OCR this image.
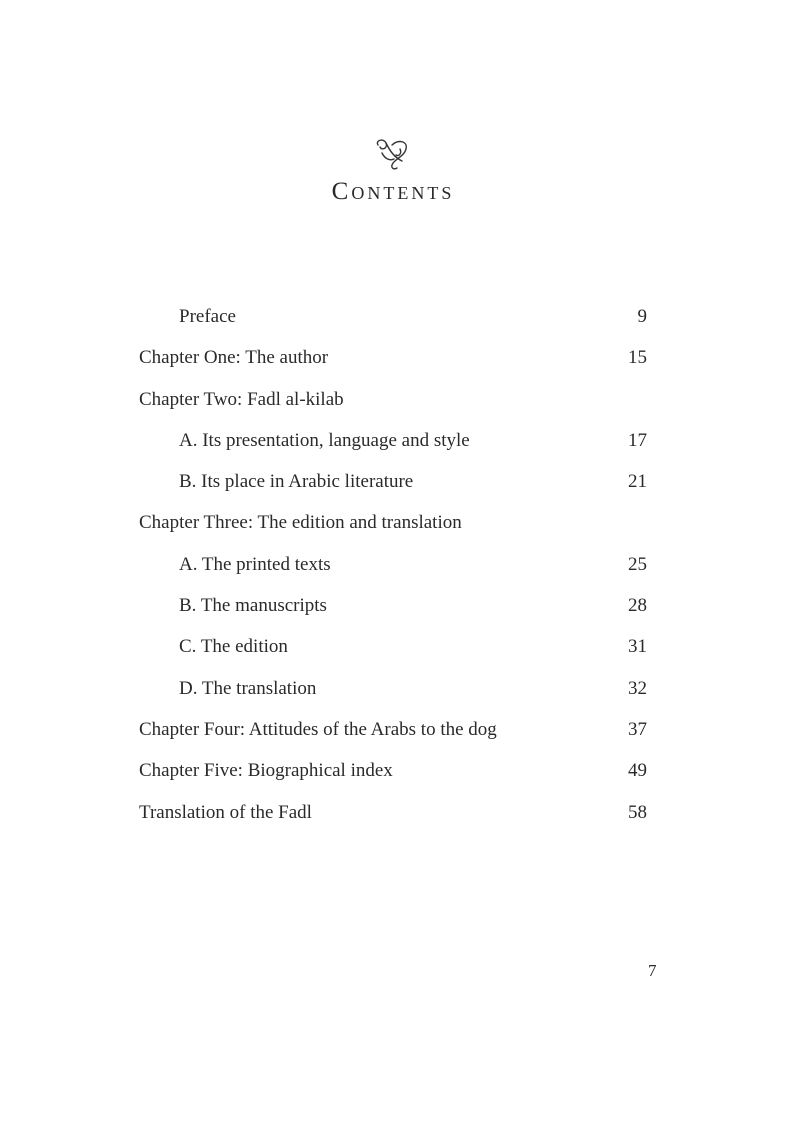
Contents
Preface	9
Chapter One: The author	15
Chapter Two: Fadl al-kilab
A. Its presentation, language and style	17
B. Its place in Arabic literature	21
Chapter Three: The edition and translation
A. The printed texts	25
B. The manuscripts	28
C. The edition	31
D. The translation	32
Chapter Four: Attitudes of the Arabs to the dog	37
Chapter Five: Biographical index	49
Translation of the Fadl	58
7
